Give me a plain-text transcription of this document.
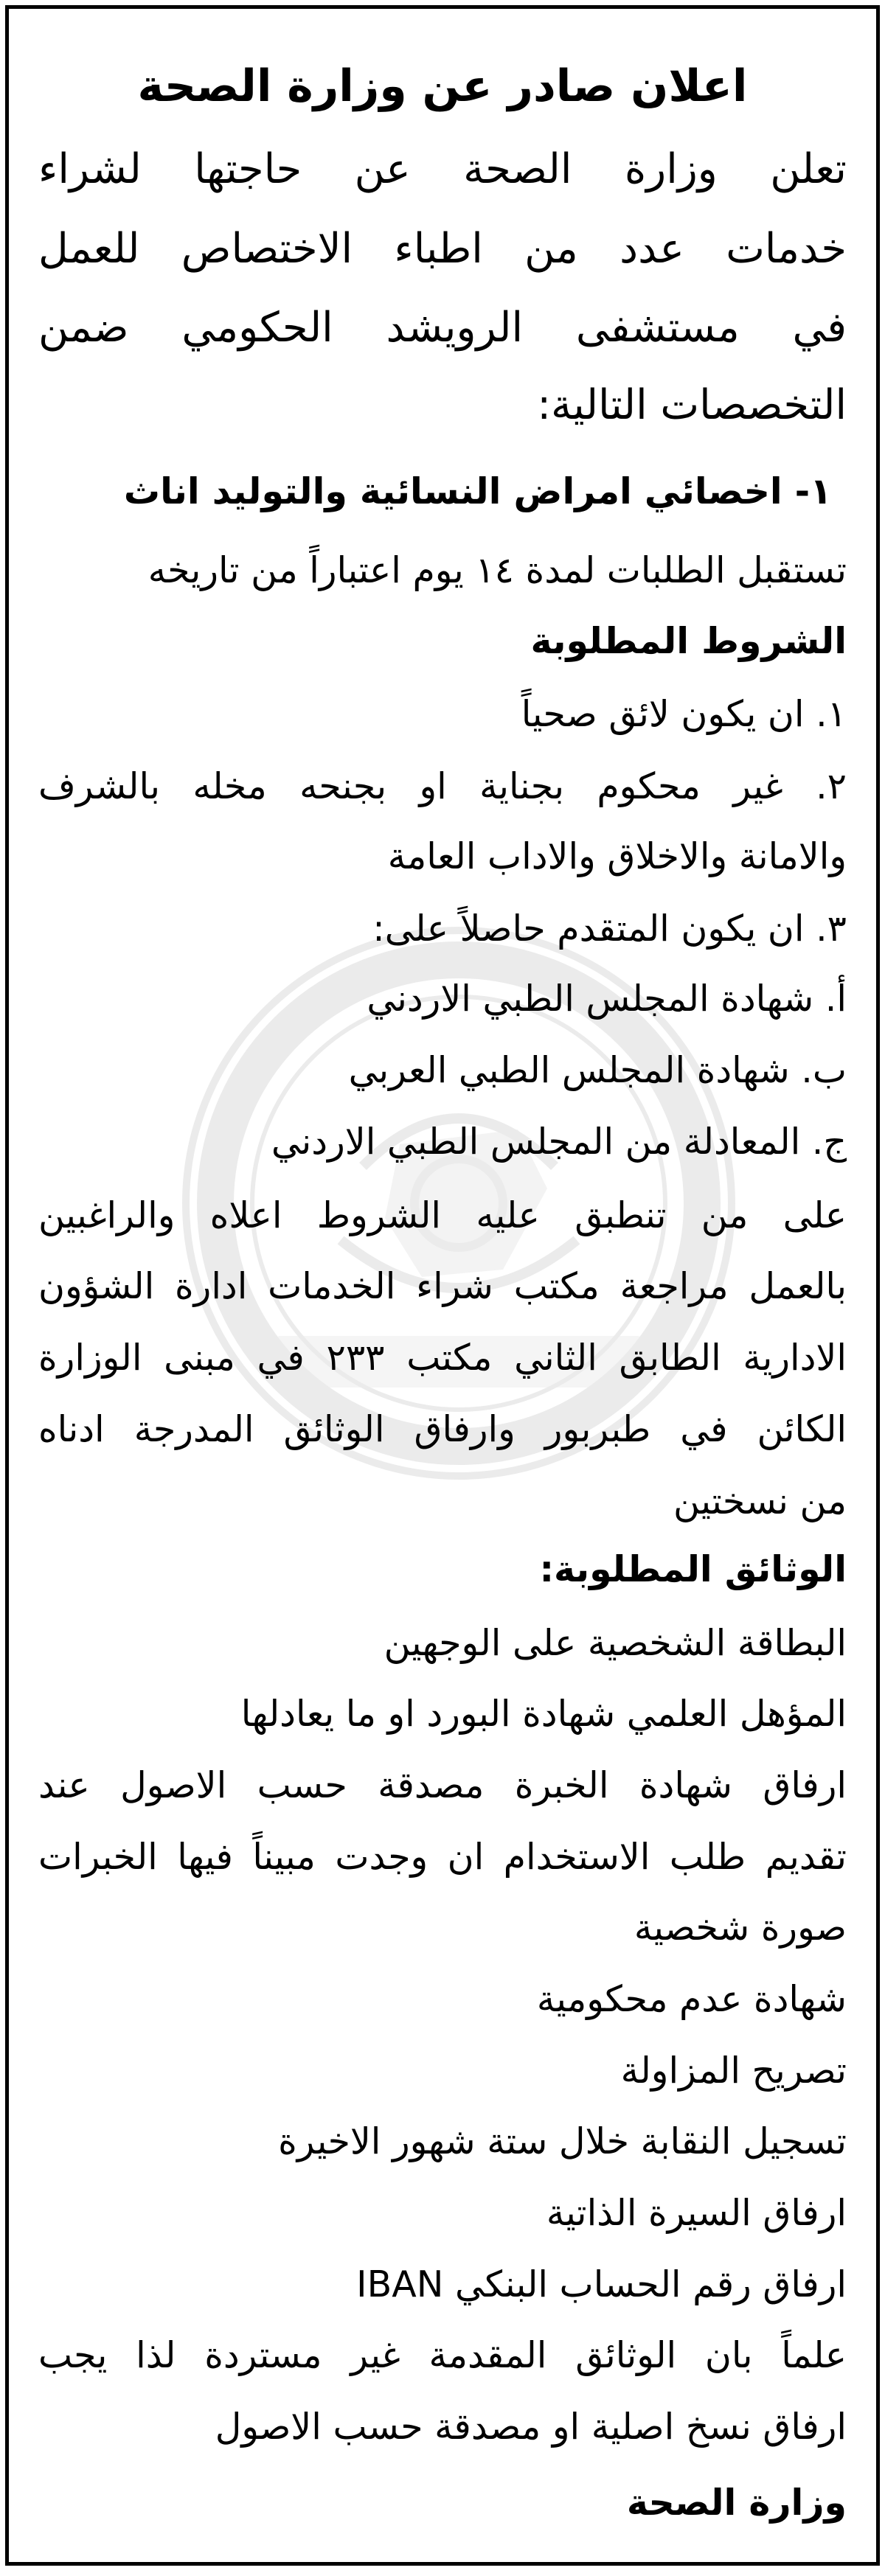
اعلان صادر عن وزارة الصحة
تعلن وزارة الصحة عن حاجتها لشراء
خدمات عدد من اطباء الاختصاص للعمل
في مستشفى الرويشد الحكومي ضمن
التخصصات التالية:
١- اخصائي امراض النسائية والتوليد اناث
تستقبل الطلبات لمدة ١٤ يوم اعتباراً من تاريخه
الشروط المطلوبة
١. ان يكون لائق صحياً
٢. غير محكوم بجناية او بجنحه مخله بالشرف
والامانة والاخلاق والاداب العامة
٣. ان يكون المتقدم حاصلاً على:
أ. شهادة المجلس الطبي الاردني
ب. شهادة المجلس الطبي العربي
ج. المعادلة من المجلس الطبي الاردني
على من تنطبق عليه الشروط اعلاه والراغبين
بالعمل مراجعة مكتب شراء الخدمات ادارة الشؤون
الادارية الطابق الثاني مكتب ٢٣٣ في مبنى الوزارة
الكائن في طبربور وارفاق الوثائق المدرجة ادناه
من نسختين
الوثائق المطلوبة:
البطاقة الشخصية على الوجهين
المؤهل العلمي شهادة البورد او ما يعادلها
ارفاق شهادة الخبرة مصدقة حسب الاصول عند
تقديم طلب الاستخدام ان وجدت مبيناً فيها الخبرات
صورة شخصية
شهادة عدم محكومية
تصريح المزاولة
تسجيل النقابة خلال ستة شهور الاخيرة
ارفاق السيرة الذاتية
ارفاق رقم الحساب البنكي IBAN
علماً بان الوثائق المقدمة غير مستردة لذا يجب
ارفاق نسخ اصلية او مصدقة حسب الاصول
وزارة الصحة
